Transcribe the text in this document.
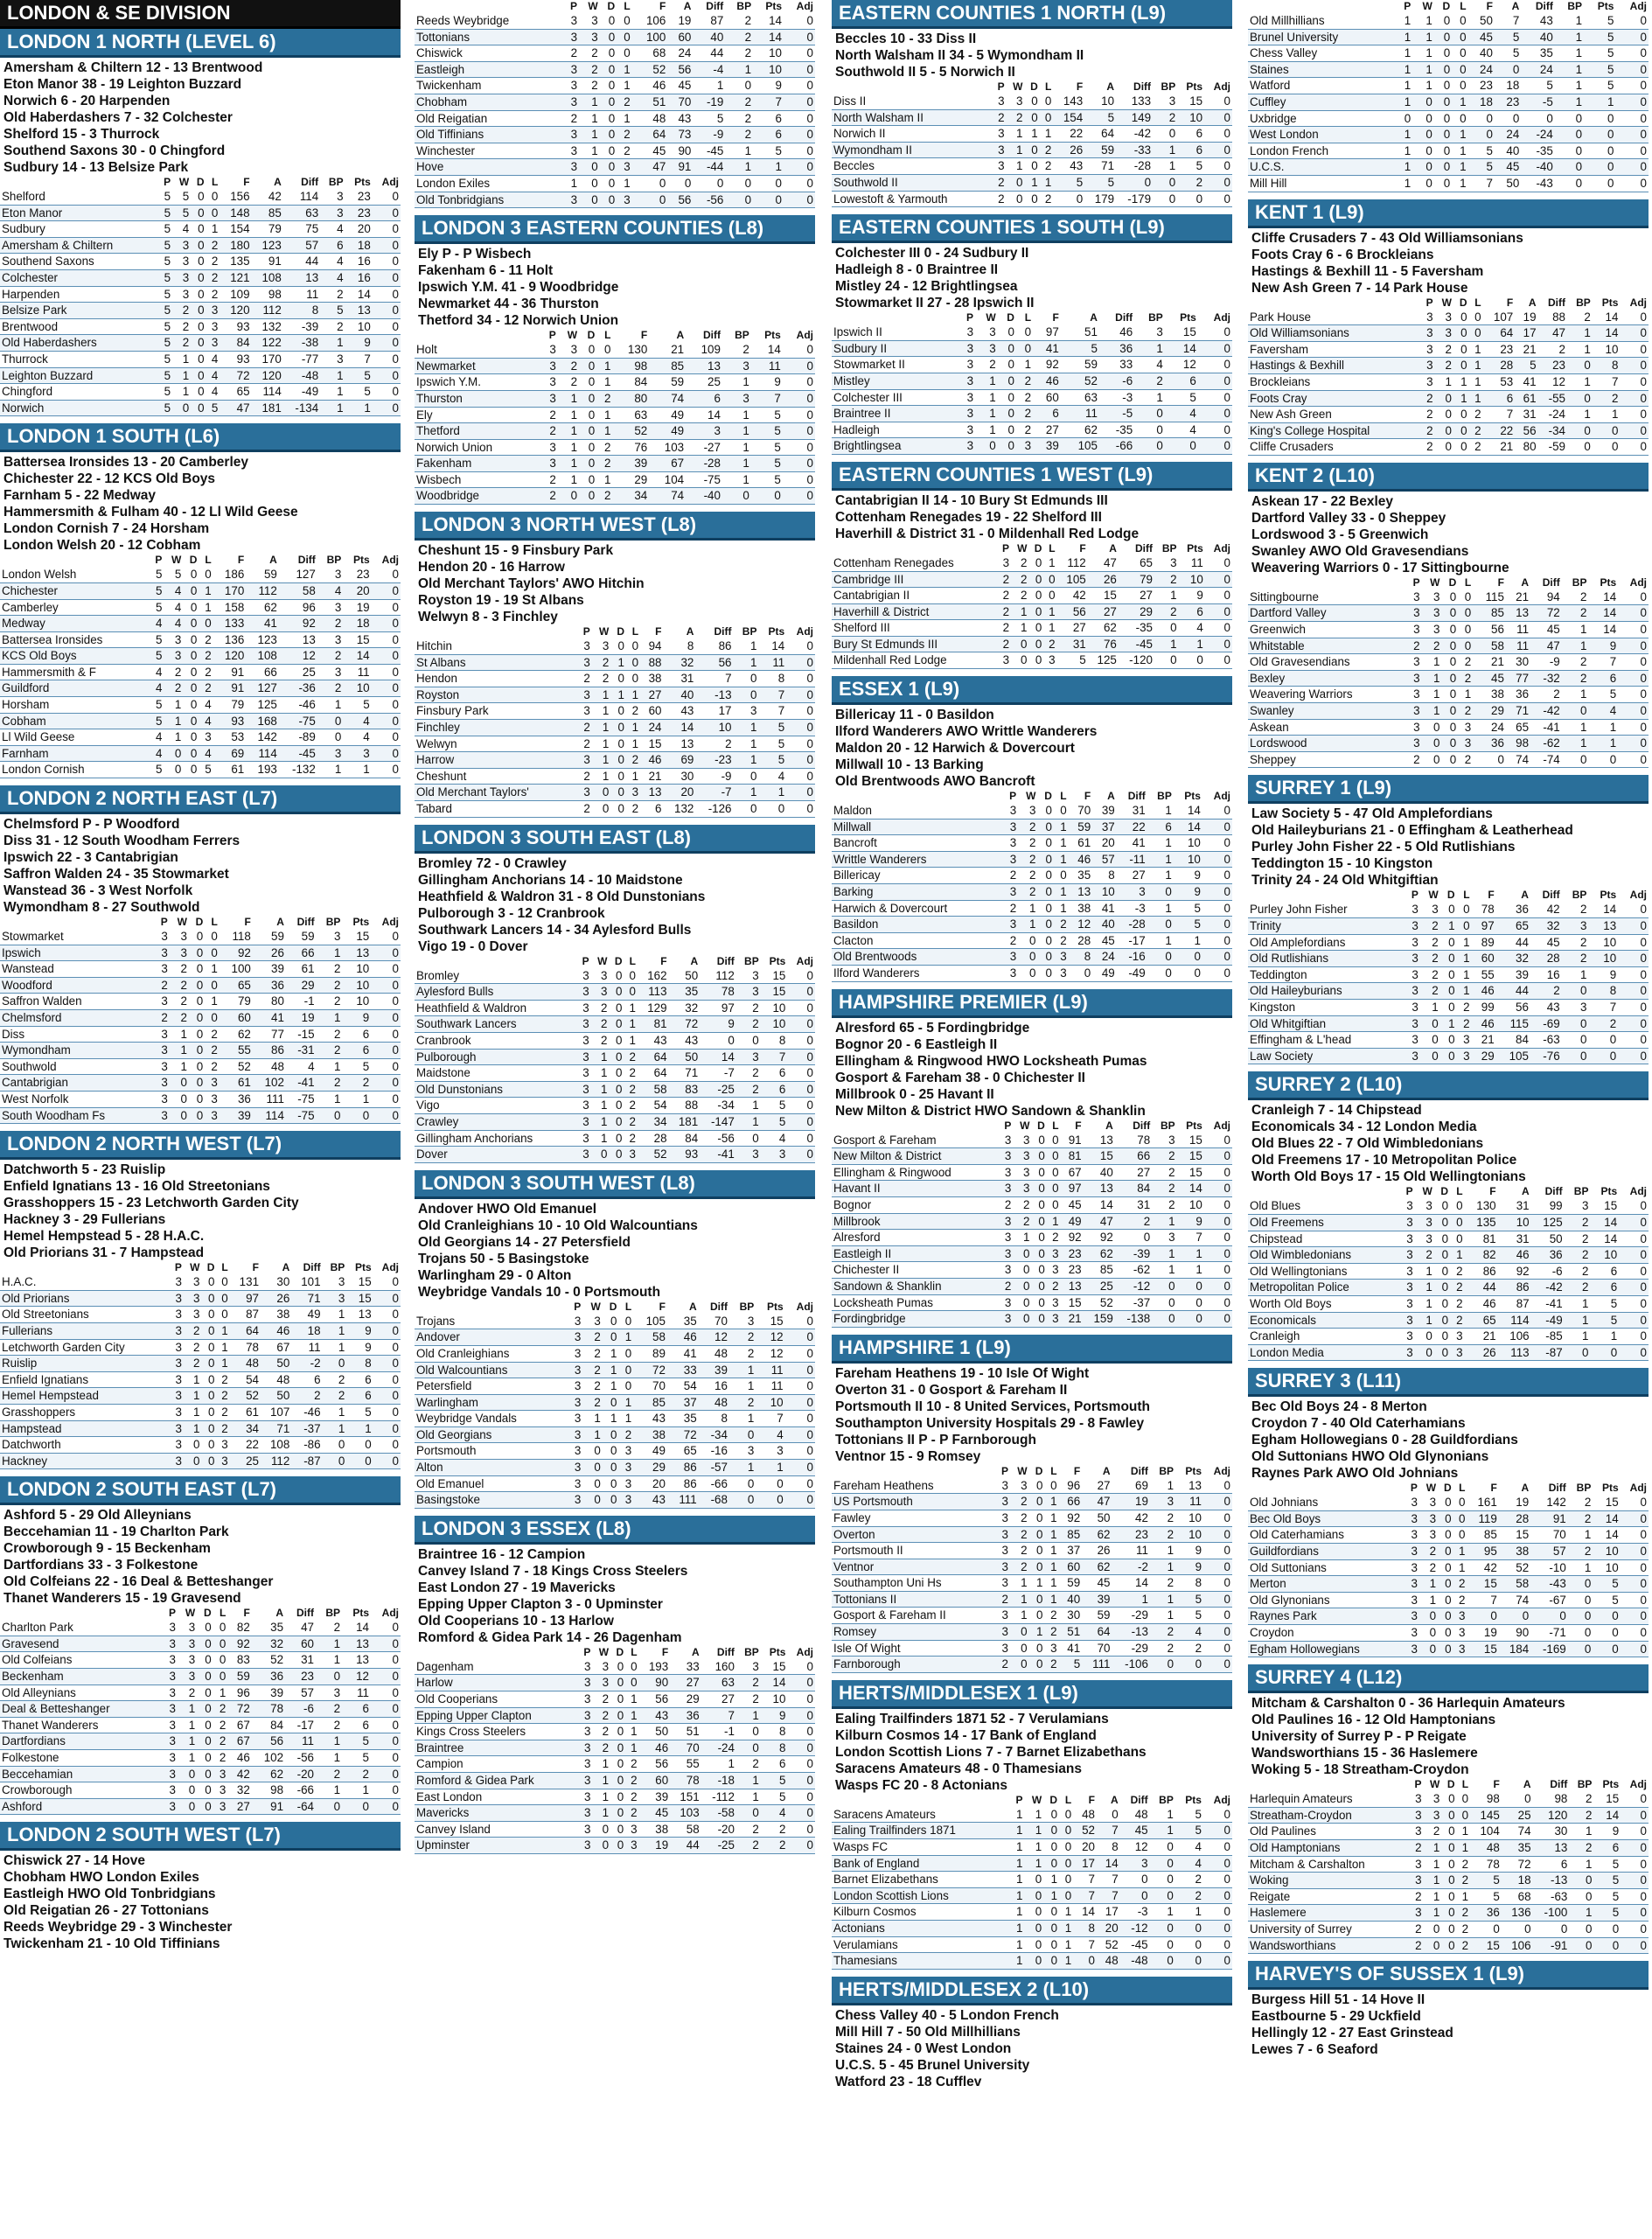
LONDON & SE DIVISION
LONDON 1 NORTH (LEVEL 6)
Amersham & Chiltern 12 - 13 Brentwood
Eton Manor 38 - 19 Leighton Buzzard
Norwich 6 - 20 Harpenden
Old Haberdashers 7 - 32 Colchester
Shelford 15 - 3 Thurrock
Southend Saxons 30 - 0 Chingford
Sudbury 14 - 13 Belsize Park
	P	W	D	L	F	A	Diff	BP	Pts	Adj
Shelford	5	5	0	0	156	42	114	3	23	0
Eton Manor	5	5	0	0	148	85	63	3	23	0
Sudbury	5	4	0	1	154	79	75	4	20	0
Amersham & Chiltern	5	3	0	2	180	123	57	6	18	0
Southend Saxons	5	3	0	2	135	91	44	4	16	0
Colchester	5	3	0	2	121	108	13	4	16	0
Harpenden	5	3	0	2	109	98	11	2	14	0
Belsize Park	5	2	0	3	120	112	8	5	13	0
Brentwood	5	2	0	3	93	132	-39	2	10	0
Old Haberdashers	5	2	0	3	84	122	-38	1	9	0
Thurrock	5	1	0	4	93	170	-77	3	7	0
Leighton Buzzard	5	1	0	4	72	120	-48	1	5	0
Chingford	5	1	0	4	65	114	-49	1	5	0
Norwich	5	0	0	5	47	181	-134	1	1	0
LONDON 1 SOUTH (L6)
Battersea Ironsides 13 - 20 Camberley
Chichester 22 - 12 KCS Old Boys
Farnham 5 - 22 Medway
Hammersmith & Fulham 40 - 12 Ll Wild Geese
London Cornish 7 - 24 Horsham
London Welsh 20 - 12 Cobham
	P	W	D	L	F	A	Diff	BP	Pts	Adj
London Welsh	5	5	0	0	186	59	127	3	23	0
Chichester	5	4	0	1	170	112	58	4	20	0
Camberley	5	4	0	1	158	62	96	3	19	0
Medway	4	4	0	0	133	41	92	2	18	0
Battersea Ironsides	5	3	0	2	136	123	13	3	15	0
KCS Old Boys	5	3	0	2	120	108	12	2	14	0
Hammersmith & F	4	2	0	2	91	66	25	3	11	0
Guildford	4	2	0	2	91	127	-36	2	10	0
Horsham	5	1	0	4	79	125	-46	1	5	0
Cobham	5	1	0	4	93	168	-75	0	4	0
Ll Wild Geese	4	1	0	3	53	142	-89	0	4	0
Farnham	4	0	0	4	69	114	-45	3	3	0
London Cornish	5	0	0	5	61	193	-132	1	1	0
LONDON 2 NORTH EAST (L7)
Chelmsford P - P Woodford
Diss 31 - 12 South Woodham Ferrers
Ipswich 22 - 3 Cantabrigian
Saffron Walden 24 - 35 Stowmarket
Wanstead 36 - 3 West Norfolk
Wymondham 8 - 27 Southwold
	P	W	D	L	F	A	Diff	BP	Pts	Adj
Stowmarket	3	3	0	0	118	59	59	3	15	0
Ipswich	3	3	0	0	92	26	66	1	13	0
Wanstead	3	2	0	1	100	39	61	2	10	0
Woodford	2	2	0	0	65	36	29	2	10	0
Saffron Walden	3	2	0	1	79	80	-1	2	10	0
Chelmsford	2	2	0	0	60	41	19	1	9	0
Diss	3	1	0	2	62	77	-15	2	6	0
Wymondham	3	1	0	2	55	86	-31	2	6	0
Southwold	3	1	0	2	52	48	4	1	5	0
Cantabrigian	3	0	0	3	61	102	-41	2	2	0
West Norfolk	3	0	0	3	36	111	-75	1	1	0
South Woodham Fs	3	0	0	3	39	114	-75	0	0	0
LONDON 2 NORTH WEST (L7)
Datchworth 5 - 23 Ruislip
Enfield Ignatians 13 - 16 Old Streetonians
Grasshoppers 15 - 23 Letchworth Garden City
Hackney 3 - 29 Fullerians
Hemel Hempstead 5 - 28 H.A.C.
Old Priorians 31 - 7 Hampstead
	P	W	D	L	F	A	Diff	BP	Pts	Adj
H.A.C.	3	3	0	0	131	30	101	3	15	0
Old Priorians	3	3	0	0	97	26	71	3	15	0
Old Streetonians	3	3	0	0	87	38	49	1	13	0
Fullerians	3	2	0	1	64	46	18	1	9	0
Letchworth Garden City	3	2	0	1	78	67	11	1	9	0
Ruislip	3	2	0	1	48	50	-2	0	8	0
Enfield Ignatians	3	1	0	2	54	48	6	2	6	0
Hemel Hempstead	3	1	0	2	52	50	2	2	6	0
Grasshoppers	3	1	0	2	61	107	-46	1	5	0
Hampstead	3	1	0	2	34	71	-37	1	1	0
Datchworth	3	0	0	3	22	108	-86	0	0	0
Hackney	3	0	0	3	25	112	-87	0	0	0
LONDON 2 SOUTH EAST (L7)
Ashford 5 - 29 Old Alleynians
Beccehamian 11 - 19 Charlton Park
Crowborough 9 - 15 Beckenham
Dartfordians 33 - 3 Folkestone
Old Colfeians 22 - 16 Deal & Betteshanger
Thanet Wanderers 15 - 19 Gravesend
	P	W	D	L	F	A	Diff	BP	Pts	Adj
Charlton Park	3	3	0	0	82	35	47	2	14	0
Gravesend	3	3	0	0	92	32	60	1	13	0
Old Colfeians	3	3	0	0	83	52	31	1	13	0
Beckenham	3	3	0	0	59	36	23	0	12	0
Old Alleynians	3	2	0	1	96	39	57	3	11	0
Deal & Betteshanger	3	1	0	2	72	78	-6	2	6	0
Thanet Wanderers	3	1	0	2	67	84	-17	2	6	0
Dartfordians	3	1	0	2	67	56	11	1	5	0
Folkestone	3	1	0	2	46	102	-56	1	5	0
Beccehamian	3	0	0	3	42	62	-20	2	2	0
Crowborough	3	0	0	3	32	98	-66	1	1	0
Ashford	3	0	0	3	27	91	-64	0	0	0
LONDON 2 SOUTH WEST (L7)
Chiswick 27 - 14 Hove
Chobham HWO London Exiles
Eastleigh HWO Old Tonbridgians
Old Reigatian 26 - 27 Tottonians
Reeds Weybridge 29 - 3 Winchester
Twickenham 21 - 10 Old Tiffinians
	P	W	D	L	F	A	Diff	BP	Pts	Adj
Reeds Weybridge	3	3	0	0	106	19	87	2	14	0
Tottonians	3	3	0	0	100	60	40	2	14	0
Chiswick	2	2	0	0	68	24	44	2	10	0
Eastleigh	3	2	0	1	52	56	-4	1	10	0
Twickenham	3	2	0	1	46	45	1	0	9	0
Chobham	3	1	0	2	51	70	-19	2	7	0
Old Reigatian	2	1	0	1	48	43	5	2	6	0
Old Tiffinians	3	1	0	2	64	73	-9	2	6	0
Winchester	3	1	0	2	45	90	-45	1	5	0
Hove	3	0	0	3	47	91	-44	1	1	0
London Exiles	1	0	0	1	0	0	0	0	0	0
Old Tonbridgians	3	0	0	3	0	56	-56	0	0	0
LONDON 3 EASTERN COUNTIES (L8)
Ely P - P Wisbech
Fakenham 6 - 11 Holt
Ipswich Y.M. 41 - 9 Woodbridge
Newmarket 44 - 36 Thurston
Thetford 34 - 12 Norwich Union
	P	W	D	L	F	A	Diff	BP	Pts	Adj
Holt	3	3	0	0	130	21	109	2	14	0
Newmarket	3	2	0	1	98	85	13	3	11	0
Ipswich Y.M.	3	2	0	1	84	59	25	1	9	0
Thurston	3	1	0	2	80	74	6	3	7	0
Ely	2	1	0	1	63	49	14	1	5	0
Thetford	2	1	0	1	52	49	3	1	5	0
Norwich Union	3	1	0	2	76	103	-27	1	5	0
Fakenham	3	1	0	2	39	67	-28	1	5	0
Wisbech	2	1	0	1	29	104	-75	1	5	0
Woodbridge	2	0	0	2	34	74	-40	0	0	0
LONDON 3 NORTH WEST (L8)
Cheshunt 15 - 9 Finsbury Park
Hendon 20 - 16 Harrow
Old Merchant Taylors' AWO Hitchin
Royston 19 - 19 St Albans
Welwyn 8 - 3 Finchley
	P	W	D	L	F	A	Diff	BP	Pts	Adj
Hitchin	3	3	0	0	94	8	86	1	14	0
St Albans	3	2	1	0	88	32	56	1	11	0
Hendon	2	2	0	0	38	31	7	0	8	0
Royston	3	1	1	1	27	40	-13	0	7	0
Finsbury Park	3	1	0	2	60	43	17	3	7	0
Finchley	2	1	0	1	24	14	10	1	5	0
Welwyn	2	1	0	1	15	13	2	1	5	0
Harrow	3	1	0	2	46	69	-23	1	5	0
Cheshunt	2	1	0	1	21	30	-9	0	4	0
Old Merchant Taylors'	3	0	0	3	13	20	-7	1	1	0
Tabard	2	0	0	2	6	132	-126	0	0	0
LONDON 3 SOUTH EAST (L8)
Bromley 72 - 0 Crawley
Gillingham Anchorians 14 - 10 Maidstone
Heathfield & Waldron 31 - 8 Old Dunstonians
Pulborough 3 - 12 Cranbrook
Southwark Lancers 14 - 34 Aylesford Bulls
Vigo 19 - 0 Dover
	P	W	D	L	F	A	Diff	BP	Pts	Adj
Bromley	3	3	0	0	162	50	112	3	15	0
Aylesford Bulls	3	3	0	0	113	35	78	3	15	0
Heathfield & Waldron	3	2	0	1	129	32	97	2	10	0
Southwark Lancers	3	2	0	1	81	72	9	2	10	0
Cranbrook	3	2	0	1	43	43	0	0	8	0
Pulborough	3	1	0	2	64	50	14	3	7	0
Maidstone	3	1	0	2	64	71	-7	2	6	0
Old Dunstonians	3	1	0	2	58	83	-25	2	6	0
Vigo	3	1	0	2	54	88	-34	1	5	0
Crawley	3	1	0	2	34	181	-147	1	5	0
Gillingham Anchorians	3	1	0	2	28	84	-56	0	4	0
Dover	3	0	0	3	52	93	-41	3	3	0
LONDON 3 SOUTH WEST (L8)
Andover HWO Old Emanuel
Old Cranleighians 10 - 10 Old Walcountians
Old Georgians 14 - 27 Petersfield
Trojans 50 - 5 Basingstoke
Warlingham 29 - 0 Alton
Weybridge Vandals 10 - 0 Portsmouth
	P	W	D	L	F	A	Diff	BP	Pts	Adj
Trojans	3	3	0	0	105	35	70	3	15	0
Andover	3	2	0	1	58	46	12	2	12	0
Old Cranleighians	3	2	1	0	89	41	48	2	12	0
Old Walcountians	3	2	1	0	72	33	39	1	11	0
Petersfield	3	2	1	0	70	54	16	1	11	0
Warlingham	3	2	0	1	85	37	48	2	10	0
Weybridge Vandals	3	1	1	1	43	35	8	1	7	0
Old Georgians	3	1	0	2	38	72	-34	0	4	0
Portsmouth	3	0	0	3	49	65	-16	3	3	0
Alton	3	0	0	3	29	86	-57	1	1	0
Old Emanuel	3	0	0	3	20	86	-66	0	0	0
Basingstoke	3	0	0	3	43	111	-68	0	0	0
LONDON 3 ESSEX (L8)
Braintree 16 - 12 Campion
Canvey Island 7 - 18 Kings Cross Steelers
East London 27 - 19 Mavericks
Epping Upper Clapton 3 - 0 Upminster
Old Cooperians 10 - 13 Harlow
Romford & Gidea Park 14 - 26 Dagenham
	P	W	D	L	F	A	Diff	BP	Pts	Adj
Dagenham	3	3	0	0	193	33	160	3	15	0
Harlow	3	3	0	0	90	27	63	2	14	0
Old Cooperians	3	2	0	1	56	29	27	2	10	0
Epping Upper Clapton	3	2	0	1	43	36	7	1	9	0
Kings Cross Steelers	3	2	0	1	50	51	-1	0	8	0
Braintree	3	2	0	1	46	70	-24	0	8	0
Campion	3	1	0	2	56	55	1	2	6	0
Romford & Gidea Park	3	1	0	2	60	78	-18	1	5	0
East London	3	1	0	2	39	151	-112	1	5	0
Mavericks	3	1	0	2	45	103	-58	0	4	0
Canvey Island	3	0	0	3	38	58	-20	2	2	0
Upminster	3	0	0	3	19	44	-25	2	2	0
EASTERN COUNTIES 1 NORTH (L9)
Beccles 10 - 33 Diss II
North Walsham II 34 - 5 Wymondham II
Southwold II 5 - 5 Norwich II
	P	W	D	L	F	A	Diff	BP	Pts	Adj
Diss II	3	3	0	0	143	10	133	3	15	0
North Walsham II	2	2	0	0	154	5	149	2	10	0
Norwich II	3	1	1	1	22	64	-42	0	6	0
Wymondham II	3	1	0	2	26	59	-33	1	6	0
Beccles	3	1	0	2	43	71	-28	1	5	0
Southwold II	2	0	1	1	5	5	0	0	2	0
Lowestoft & Yarmouth	2	0	0	2	0	179	-179	0	0	0
EASTERN COUNTIES 1 SOUTH (L9)
Colchester III 0 - 24 Sudbury II
Hadleigh 8 - 0 Braintree II
Mistley 24 - 12 Brightlingsea
Stowmarket II 27 - 28 Ipswich II
	P	W	D	L	F	A	Diff	BP	Pts	Adj
Ipswich II	3	3	0	0	97	51	46	3	15	0
Sudbury II	3	3	0	0	41	5	36	1	14	0
Stowmarket II	3	2	0	1	92	59	33	4	12	0
Mistley	3	1	0	2	46	52	-6	2	6	0
Colchester III	3	1	0	2	60	63	-3	1	5	0
Braintree II	3	1	0	2	6	11	-5	0	4	0
Hadleigh	3	1	0	2	27	62	-35	0	4	0
Brightlingsea	3	0	0	3	39	105	-66	0	0	0
EASTERN COUNTIES 1 WEST (L9)
Cantabrigian II 14 - 10 Bury St Edmunds III
Cottenham Renegades 19 - 22 Shelford III
Haverhill & District 31 - 0 Mildenhall Red Lodge
	P	W	D	L	F	A	Diff	BP	Pts	Adj
Cottenham Renegades	3	2	0	1	112	47	65	3	11	0
Cambridge III	2	2	0	0	105	26	79	2	10	0
Cantabrigian II	2	2	0	0	42	15	27	1	9	0
Haverhill & District	2	1	0	1	56	27	29	2	6	0
Shelford III	2	1	0	1	27	62	-35	0	4	0
Bury St Edmunds III	2	0	0	2	31	76	-45	1	1	0
Mildenhall Red Lodge	3	0	0	3	5	125	-120	0	0	0
ESSEX 1 (L9)
Billericay 11 - 0 Basildon
Ilford Wanderers AWO Writtle Wanderers
Maldon 20 - 12 Harwich & Dovercourt
Millwall 10 - 13 Barking
Old Brentwoods AWO Bancroft
	P	W	D	L	F	A	Diff	BP	Pts	Adj
Maldon	3	3	0	0	70	39	31	1	14	0
Millwall	3	2	0	1	59	37	22	6	14	0
Bancroft	3	2	0	1	61	20	41	1	10	0
Writtle Wanderers	3	2	0	1	46	57	-11	1	10	0
Billericay	2	2	0	0	35	8	27	1	9	0
Barking	3	2	0	1	13	10	3	0	9	0
Harwich & Dovercourt	2	1	0	1	38	41	-3	1	5	0
Basildon	3	1	0	2	12	40	-28	0	5	0
Clacton	2	0	0	2	28	45	-17	1	1	0
Old Brentwoods	3	0	0	3	8	24	-16	0	0	0
Ilford Wanderers	3	0	0	3	0	49	-49	0	0	0
HAMPSHIRE PREMIER (L9)
Alresford 65 - 5 Fordingbridge
Bognor 20 - 6 Eastleigh II
Ellingham & Ringwood HWO Locksheath Pumas
Gosport & Fareham 38 - 0 Chichester II
Millbrook 0 - 25 Havant II
New Milton & District HWO Sandown & Shanklin
	P	W	D	L	F	A	Diff	BP	Pts	Adj
Gosport & Fareham	3	3	0	0	91	13	78	3	15	0
New Milton & District	3	3	0	0	81	15	66	2	15	0
Ellingham & Ringwood	3	3	0	0	67	40	27	2	15	0
Havant II	3	3	0	0	97	13	84	2	14	0
Bognor	2	2	0	0	45	14	31	2	10	0
Millbrook	3	2	0	1	49	47	2	1	9	0
Alresford	3	1	0	2	92	92	0	3	7	0
Eastleigh II	3	0	0	3	23	62	-39	1	1	0
Chichester II	3	0	0	3	23	85	-62	1	1	0
Sandown & Shanklin	2	0	0	2	13	25	-12	0	0	0
Locksheath Pumas	3	0	0	3	15	52	-37	0	0	0
Fordingbridge	3	0	0	3	21	159	-138	0	0	0
HAMPSHIRE 1 (L9)
Fareham Heathens 19 - 10 Isle Of Wight
Overton 31 - 0 Gosport & Fareham II
Portsmouth II 10 - 8 United Services, Portsmouth
Southampton University Hospitals 29 - 8 Fawley
Tottonians II P - P Farnborough
Ventnor 15 - 9 Romsey
	P	W	D	L	F	A	Diff	BP	Pts	Adj
Fareham Heathens	3	3	0	0	96	27	69	1	13	0
US Portsmouth	3	2	0	1	66	47	19	3	11	0
Fawley	3	2	0	1	92	50	42	2	10	0
Overton	3	2	0	1	85	62	23	2	10	0
Portsmouth II	3	2	0	1	37	26	11	1	9	0
Ventnor	3	2	0	1	60	62	-2	1	9	0
Southampton Uni Hs	3	1	1	1	59	45	14	2	8	0
Tottonians II	2	1	0	1	40	39	1	1	5	0
Gosport & Fareham II	3	1	0	2	30	59	-29	1	5	0
Romsey	3	0	1	2	51	64	-13	2	4	0
Isle Of Wight	3	0	0	3	41	70	-29	2	2	0
Farnborough	2	0	0	2	5	111	-106	0	0	0
HERTS/MIDDLESEX 1 (L9)
Ealing Trailfinders 1871 52 - 7 Verulamians
Kilburn Cosmos 14 - 17 Bank of England
London Scottish Lions 7 - 7 Barnet Elizabethans
Saracens Amateurs 48 - 0 Thamesians
Wasps FC 20 - 8 Actonians
	P	W	D	L	F	A	Diff	BP	Pts	Adj
Saracens Amateurs	1	1	0	0	48	0	48	1	5	0
Ealing Trailfinders 1871	1	1	0	0	52	7	45	1	5	0
Wasps FC	1	1	0	0	20	8	12	0	4	0
Bank of England	1	1	0	0	17	14	3	0	4	0
Barnet Elizabethans	1	0	1	0	7	7	0	0	2	0
London Scottish Lions	1	0	1	0	7	7	0	0	2	0
Kilburn Cosmos	1	0	0	1	14	17	-3	1	1	0
Actonians	1	0	0	1	8	20	-12	0	0	0
Verulamians	1	0	0	1	7	52	-45	0	0	0
Thamesians	1	0	0	1	0	48	-48	0	0	0
HERTS/MIDDLESEX 2 (L10)
Chess Valley 40 - 5 London French
Mill Hill 7 - 50 Old Millhillians
Staines 24 - 0 West London
U.C.S. 5 - 45 Brunel University
Watford 23 - 18 Cufflev
	P	W	D	L	F	A	Diff	BP	Pts	Adj
Old Millhillians	1	1	0	0	50	7	43	1	5	0
Brunel University	1	1	0	0	45	5	40	1	5	0
Chess Valley	1	1	0	0	40	5	35	1	5	0
Staines	1	1	0	0	24	0	24	1	5	0
Watford	1	1	0	0	23	18	5	1	5	0
Cuffley	1	0	0	1	18	23	-5	1	1	0
Uxbridge	0	0	0	0	0	0	0	0	0	0
West London	1	0	0	1	0	24	-24	0	0	0
London French	1	0	0	1	5	40	-35	0	0	0
U.C.S.	1	0	0	1	5	45	-40	0	0	0
Mill Hill	1	0	0	1	7	50	-43	0	0	0
KENT 1 (L9)
Cliffe Crusaders 7 - 43 Old Williamsonians
Foots Cray 6 - 6 Brockleians
Hastings & Bexhill 11 - 5 Faversham
New Ash Green 7 - 14 Park House
	P	W	D	L	F	A	Diff	BP	Pts	Adj
Park House	3	3	0	0	107	19	88	2	14	0
Old Williamsonians	3	3	0	0	64	17	47	1	14	0
Faversham	3	2	0	1	23	21	2	1	10	0
Hastings & Bexhill	3	2	0	1	28	5	23	0	8	0
Brockleians	3	1	1	1	53	41	12	1	7	0
Foots Cray	2	0	1	1	6	61	-55	0	2	0
New Ash Green	2	0	0	2	7	31	-24	1	1	0
King's College Hospital	2	0	0	2	22	56	-34	0	0	0
Cliffe Crusaders	2	0	0	2	21	80	-59	0	0	0
KENT 2 (L10)
Askean 17 - 22 Bexley
Dartford Valley 33 - 0 Sheppey
Lordswood 3 - 5 Greenwich
Swanley AWO Old Gravesendians
Weavering Warriors 0 - 17 Sittingbourne
	P	W	D	L	F	A	Diff	BP	Pts	Adj
Sittingbourne	3	3	0	0	115	21	94	2	14	0
Dartford Valley	3	3	0	0	85	13	72	2	14	0
Greenwich	3	3	0	0	56	11	45	1	14	0
Whitstable	2	2	0	0	58	11	47	1	9	0
Old Gravesendians	3	1	0	2	21	30	-9	2	7	0
Bexley	3	1	0	2	45	77	-32	2	6	0
Weavering Warriors	3	1	0	1	38	36	2	1	5	0
Swanley	3	1	0	2	29	71	-42	0	4	0
Askean	3	0	0	3	24	65	-41	1	1	0
Lordswood	3	0	0	3	36	98	-62	1	1	0
Sheppey	2	0	0	2	0	74	-74	0	0	0
SURREY 1 (L9)
Law Society 5 - 47 Old Amplefordians
Old Haileyburians 21 - 0 Effingham & Leatherhead
Purley John Fisher 22 - 5 Old Rutlishians
Teddington 15 - 10 Kingston
Trinity 24 - 24 Old Whitgiftian
	P	W	D	L	F	A	Diff	BP	Pts	Adj
Purley John Fisher	3	3	0	0	78	36	42	2	14	0
Trinity	3	2	1	0	97	65	32	3	13	0
Old Amplefordians	3	2	0	1	89	44	45	2	10	0
Old Rutlishians	3	2	0	1	60	32	28	2	10	0
Teddington	3	2	0	1	55	39	16	1	9	0
Old Haileyburians	3	2	0	1	46	44	2	0	8	0
Kingston	3	1	0	2	99	56	43	3	7	0
Old Whitgiftian	3	0	1	2	46	115	-69	0	2	0
Effingham & L'head	3	0	0	3	21	84	-63	0	0	0
Law Society	3	0	0	3	29	105	-76	0	0	0
SURREY 2 (L10)
Cranleigh 7 - 14 Chipstead
Economicals 34 - 12 London Media
Old Blues 22 - 7 Old Wimbledonians
Old Freemens 17 - 10 Metropolitan Police
Worth Old Boys 17 - 15 Old Wellingtonians
	P	W	D	L	F	A	Diff	BP	Pts	Adj
Old Blues	3	3	0	0	130	31	99	3	15	0
Old Freemens	3	3	0	0	135	10	125	2	14	0
Chipstead	3	3	0	0	81	31	50	2	14	0
Old Wimbledonians	3	2	0	1	82	46	36	2	10	0
Old Wellingtonians	3	1	0	2	86	92	-6	2	6	0
Metropolitan Police	3	1	0	2	44	86	-42	2	6	0
Worth Old Boys	3	1	0	2	46	87	-41	1	5	0
Economicals	3	1	0	2	65	114	-49	1	5	0
Cranleigh	3	0	0	3	21	106	-85	1	1	0
London Media	3	0	0	3	26	113	-87	0	0	0
SURREY 3 (L11)
Bec Old Boys 24 - 8 Merton
Croydon 7 - 40 Old Caterhamians
Egham Hollowegians 0 - 28 Guildfordians
Old Suttonians HWO Old Glynonians
Raynes Park AWO Old Johnians
	P	W	D	L	F	A	Diff	BP	Pts	Adj
Old Johnians	3	3	0	0	161	19	142	2	15	0
Bec Old Boys	3	3	0	0	119	28	91	2	14	0
Old Caterhamians	3	3	0	0	85	15	70	1	14	0
Guildfordians	3	2	0	1	95	38	57	2	10	0
Old Suttonians	3	2	0	1	42	52	-10	1	10	0
Merton	3	1	0	2	15	58	-43	0	5	0
Old Glynonians	3	1	0	2	7	74	-67	0	5	0
Raynes Park	3	0	0	3	0	0	0	0	0	0
Croydon	3	0	0	3	19	90	-71	0	0	0
Egham Hollowegians	3	0	0	3	15	184	-169	0	0	0
SURREY 4 (L12)
Mitcham & Carshalton 0 - 36 Harlequin Amateurs
Old Paulines 16 - 12 Old Hamptonians
University of Surrey P - P Reigate
Wandsworthians 15 - 36 Haslemere
Woking 5 - 18 Streatham-Croydon
	P	W	D	L	F	A	Diff	BP	Pts	Adj
Harlequin Amateurs	3	3	0	0	98	0	98	2	15	0
Streatham-Croydon	3	3	0	0	145	25	120	2	14	0
Old Paulines	3	2	0	1	104	74	30	1	9	0
Old Hamptonians	2	1	0	1	48	35	13	2	6	0
Mitcham & Carshalton	3	1	0	2	78	72	6	1	5	0
Woking	3	1	0	2	5	18	-13	0	5	0
Reigate	2	1	0	1	5	68	-63	0	5	0
Haslemere	3	1	0	2	36	136	-100	1	5	0
University of Surrey	2	0	0	2	0	0	0	0	0	0
Wandsworthians	2	0	0	2	15	106	-91	0	0	0
HARVEY'S OF SUSSEX 1 (L9)
Burgess Hill 51 - 14 Hove II
Eastbourne 5 - 29 Uckfield
Hellingly 12 - 27 East Grinstead
Lewes 7 - 6 Seaford
